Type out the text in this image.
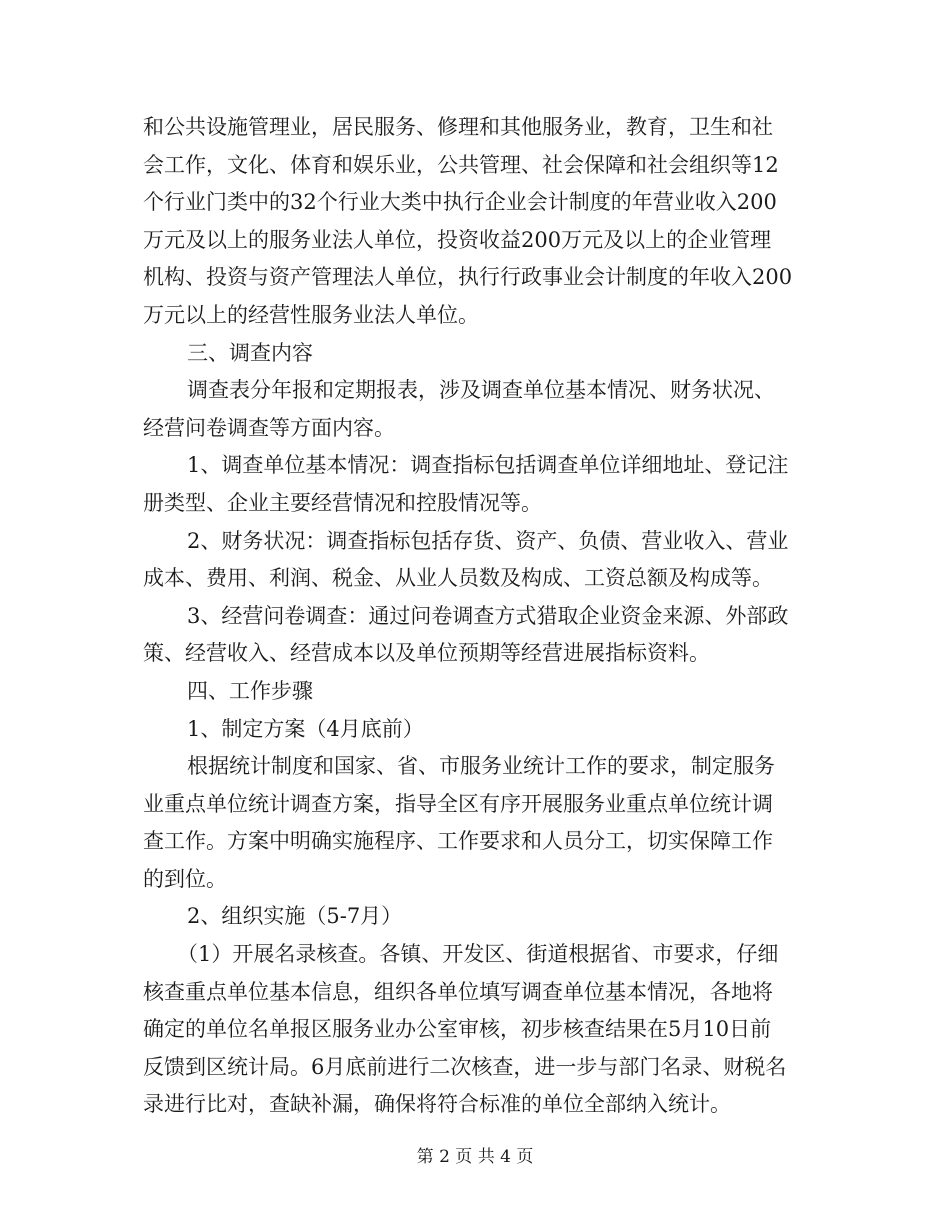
和公共设施管理业，居民服务、修理和其他服务业，教育，卫生和社
会工作，文化、体育和娱乐业，公共管理、社会保障和社会组织等12
个行业门类中的32个行业大类中执行企业会计制度的年营业收入200
万元及以上的服务业法人单位，投资收益200万元及以上的企业管理
机构、投资与资产管理法人单位，执行行政事业会计制度的年收入200
万元以上的经营性服务业法人单位。
三、调查内容
调查表分年报和定期报表，涉及调查单位基本情况、财务状况、
经营问卷调查等方面内容。
1、调查单位基本情况：调查指标包括调查单位详细地址、登记注
册类型、企业主要经营情况和控股情况等。
2、财务状况：调查指标包括存货、资产、负债、营业收入、营业
成本、费用、利润、税金、从业人员数及构成、工资总额及构成等。
3、经营问卷调查：通过问卷调查方式猎取企业资金来源、外部政
策、经营收入、经营成本以及单位预期等经营进展指标资料。
四、工作步骤
1、制定方案（4月底前）
根据统计制度和国家、省、市服务业统计工作的要求，制定服务
业重点单位统计调查方案，指导全区有序开展服务业重点单位统计调
查工作。方案中明确实施程序、工作要求和人员分工，切实保障工作
的到位。
2、组织实施（5-7月）
（1）开展名录核查。各镇、开发区、街道根据省、市要求，仔细
核查重点单位基本信息，组织各单位填写调查单位基本情况，各地将
确定的单位名单报区服务业办公室审核，初步核查结果在5月10日前
反馈到区统计局。6月底前进行二次核查，进一步与部门名录、财税名
录进行比对，查缺补漏，确保将符合标准的单位全部纳入统计。
第 2 页 共 4 页
